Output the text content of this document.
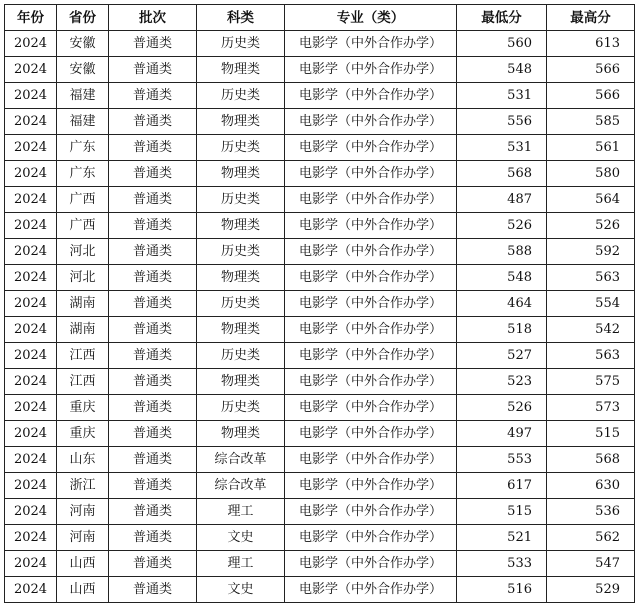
年份	省份	批次	科类	专业（类）	最低分	最高分
2024	安徽	普通类	历史类	电影学（中外合作办学）	560	613
2024	安徽	普通类	物理类	电影学（中外合作办学）	548	566
2024	福建	普通类	历史类	电影学（中外合作办学）	531	566
2024	福建	普通类	物理类	电影学（中外合作办学）	556	585
2024	广东	普通类	历史类	电影学（中外合作办学）	531	561
2024	广东	普通类	物理类	电影学（中外合作办学）	568	580
2024	广西	普通类	历史类	电影学（中外合作办学）	487	564
2024	广西	普通类	物理类	电影学（中外合作办学）	526	526
2024	河北	普通类	历史类	电影学（中外合作办学）	588	592
2024	河北	普通类	物理类	电影学（中外合作办学）	548	563
2024	湖南	普通类	历史类	电影学（中外合作办学）	464	554
2024	湖南	普通类	物理类	电影学（中外合作办学）	518	542
2024	江西	普通类	历史类	电影学（中外合作办学）	527	563
2024	江西	普通类	物理类	电影学（中外合作办学）	523	575
2024	重庆	普通类	历史类	电影学（中外合作办学）	526	573
2024	重庆	普通类	物理类	电影学（中外合作办学）	497	515
2024	山东	普通类	综合改革	电影学（中外合作办学）	553	568
2024	浙江	普通类	综合改革	电影学（中外合作办学）	617	630
2024	河南	普通类	理工	电影学（中外合作办学）	515	536
2024	河南	普通类	文史	电影学（中外合作办学）	521	562
2024	山西	普通类	理工	电影学（中外合作办学）	533	547
2024	山西	普通类	文史	电影学（中外合作办学）	516	529
